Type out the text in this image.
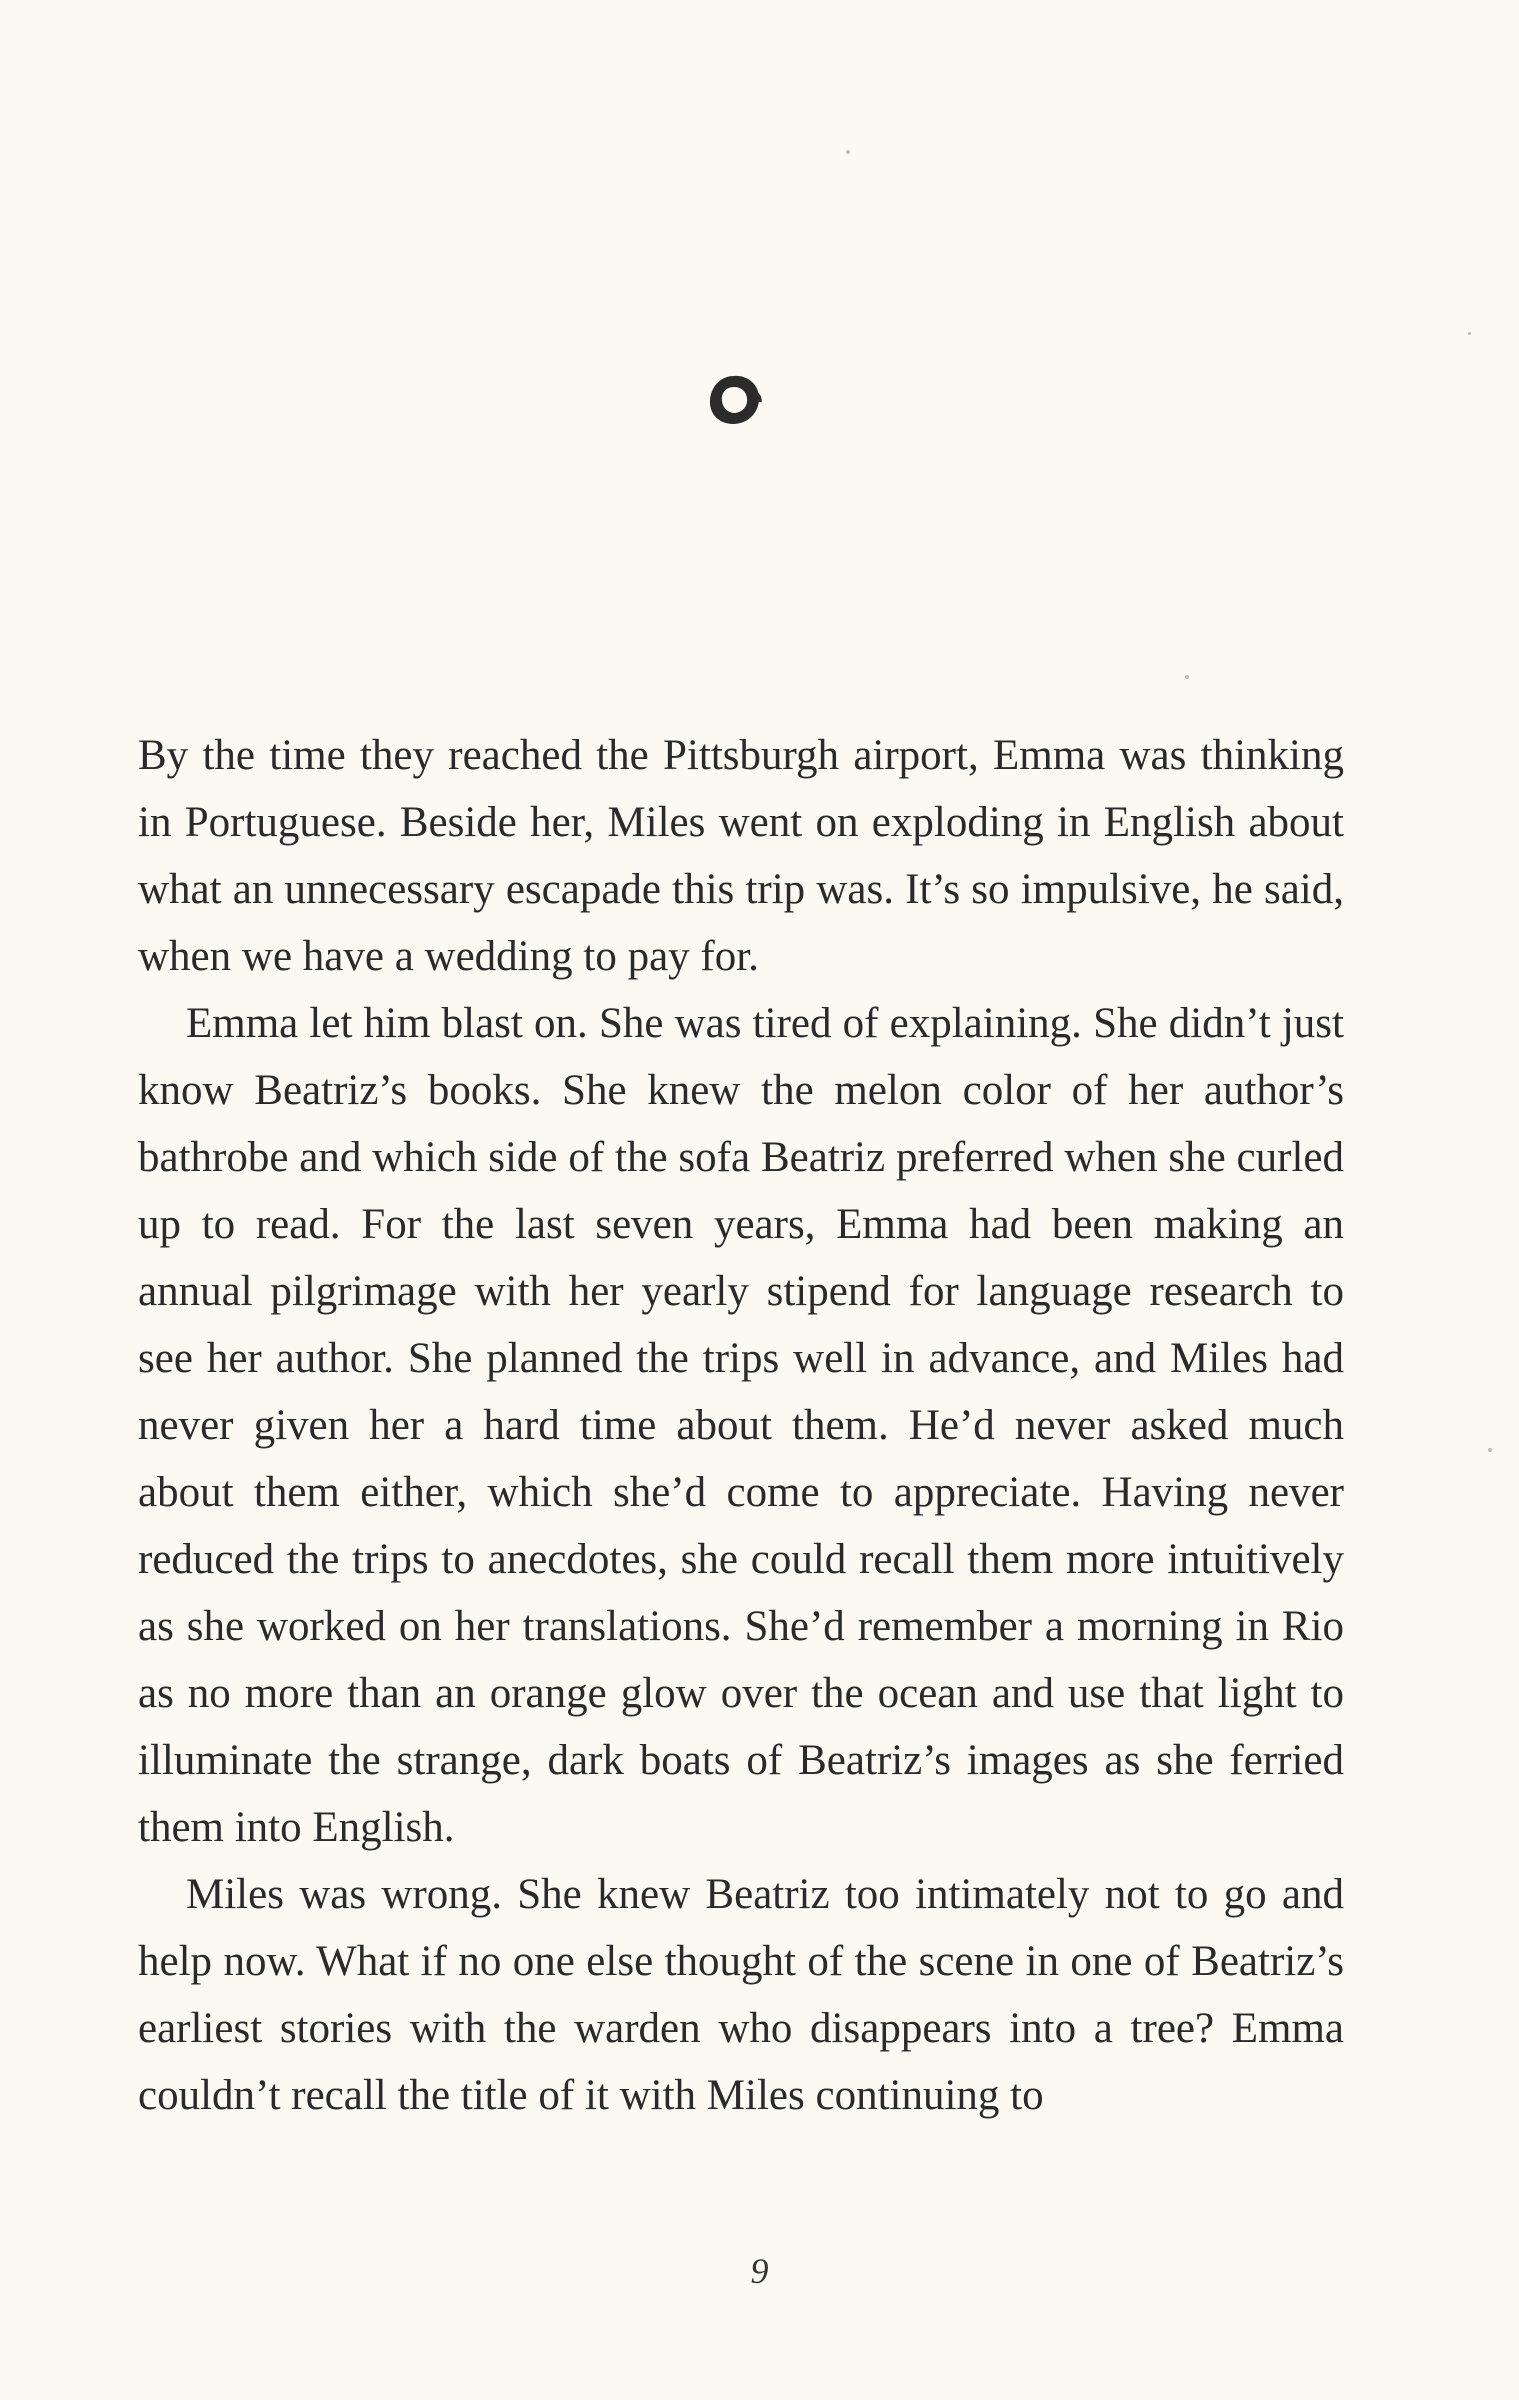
By the time they reached the Pittsburgh airport, Emma was thinking in Portuguese. Beside her, Miles went on exploding in English about what an unnecessary escapade this trip was. It’s so impulsive, he said, when we have a wedding to pay for.

Emma let him blast on. She was tired of explaining. She didn’t just know Beatriz’s books. She knew the melon color of her author’s bathrobe and which side of the sofa Beatriz preferred when she curled up to read. For the last seven years, Emma had been making an annual pilgrimage with her yearly stipend for language research to see her author. She planned the trips well in advance, and Miles had never given her a hard time about them. He’d never asked much about them either, which she’d come to appreciate. Having never reduced the trips to anecdotes, she could recall them more intuitively as she worked on her translations. She’d remember a morning in Rio as no more than an orange glow over the ocean and use that light to illuminate the strange, dark boats of Beatriz’s images as she ferried them into English.

Miles was wrong. She knew Beatriz too intimately not to go and help now. What if no one else thought of the scene in one of Beatriz’s earliest stories with the warden who disappears into a tree? Emma couldn’t recall the title of it with Miles continuing to

9
